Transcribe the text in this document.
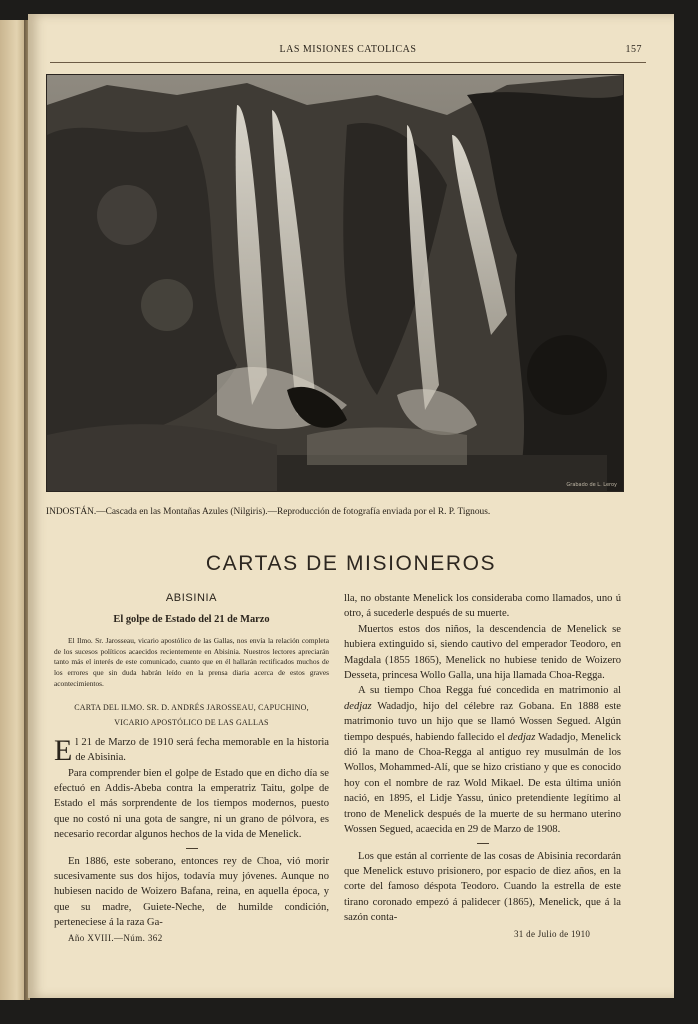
LAS MISIONES CATOLICAS	157
Grabado de L. Leroy
INDOSTÁN.—Cascada en las Montañas Azules (Nilgiris).—Reproducción de fotografía enviada por el R. P. Tignous.
CARTAS DE MISIONEROS

ABISINIA

El golpe de Estado del 21 de Marzo

El Ilmo. Sr. Jarosseau, vicario apostólico de las Gallas, nos envía la relación completa de los sucesos políticos acaecidos recientemente en Abisinia. Nuestros lectores apreciarán tanto más el interés de este comunicado, cuanto que en él hallarán rectificados muchos de los errores que sin duda habrán leído en la prensa diaria acerca de estos graves acontecimientos.

CARTA DEL ILMO. SR. D. ANDRÉS JAROSSEAU, CAPUCHINO,
VICARIO APOSTÓLICO DE LAS GALLAS

El 21 de Marzo de 1910 será fecha memorable en la historia de Abisinia.

Para comprender bien el golpe de Estado que en dicho día se efectuó en Addis-Abeba contra la emperatriz Taitu, golpe de Estado el más sorprendente de los tiempos modernos, puesto que no costó ni una gota de sangre, ni un grano de pólvora, es necesario recordar algunos hechos de la vida de Menelick.

En 1886, este soberano, entonces rey de Choa, vió morir sucesivamente sus dos hijos, todavía muy jóvenes. Aunque no hubiesen nacido de Woizero Bafana, reina, en aquella época, y que su madre, Guiete-Neche, de humilde condición, perteneciese á la raza Ga-

lla, no obstante Menelick los consideraba como llamados, uno ú otro, á sucederle después de su muerte.

Muertos estos dos niños, la descendencia de Menelick se hubiera extinguido si, siendo cautivo del emperador Teodoro, en Magdala (1855 1865), Menelick no hubiese tenido de Woizero Desseta, princesa Wollo Galla, una hija llamada Choa-Regga.

A su tiempo Choa Regga fué concedida en matrimonio al dedjaz Wadadjo, hijo del célebre raz Gobana. En 1888 este matrimonio tuvo un hijo que se llamó Wossen Segued. Algún tiempo después, habiendo fallecido el dedjaz Wadadjo, Menelick dió la mano de Choa-Regga al antiguo rey musulmán de los Wollos, Mohammed-Alí, que se hizo cristiano y que es conocido hoy con el nombre de raz Wold Mikael. De esta última unión nació, en 1895, el Lidje Yassu, único pretendiente legítimo al trono de Menelick después de la muerte de su hermano uterino Wossen Segued, acaecida en 29 de Marzo de 1908.

Los que están al corriente de las cosas de Abisinia recordarán que Menelick estuvo prisionero, por espacio de diez años, en la corte del famoso déspota Teodoro. Cuando la estrella de este tirano coronado empezó á palidecer (1865), Menelick, que á la sazón conta-

Año XVIII.—Núm. 362	31 de Julio de 1910
